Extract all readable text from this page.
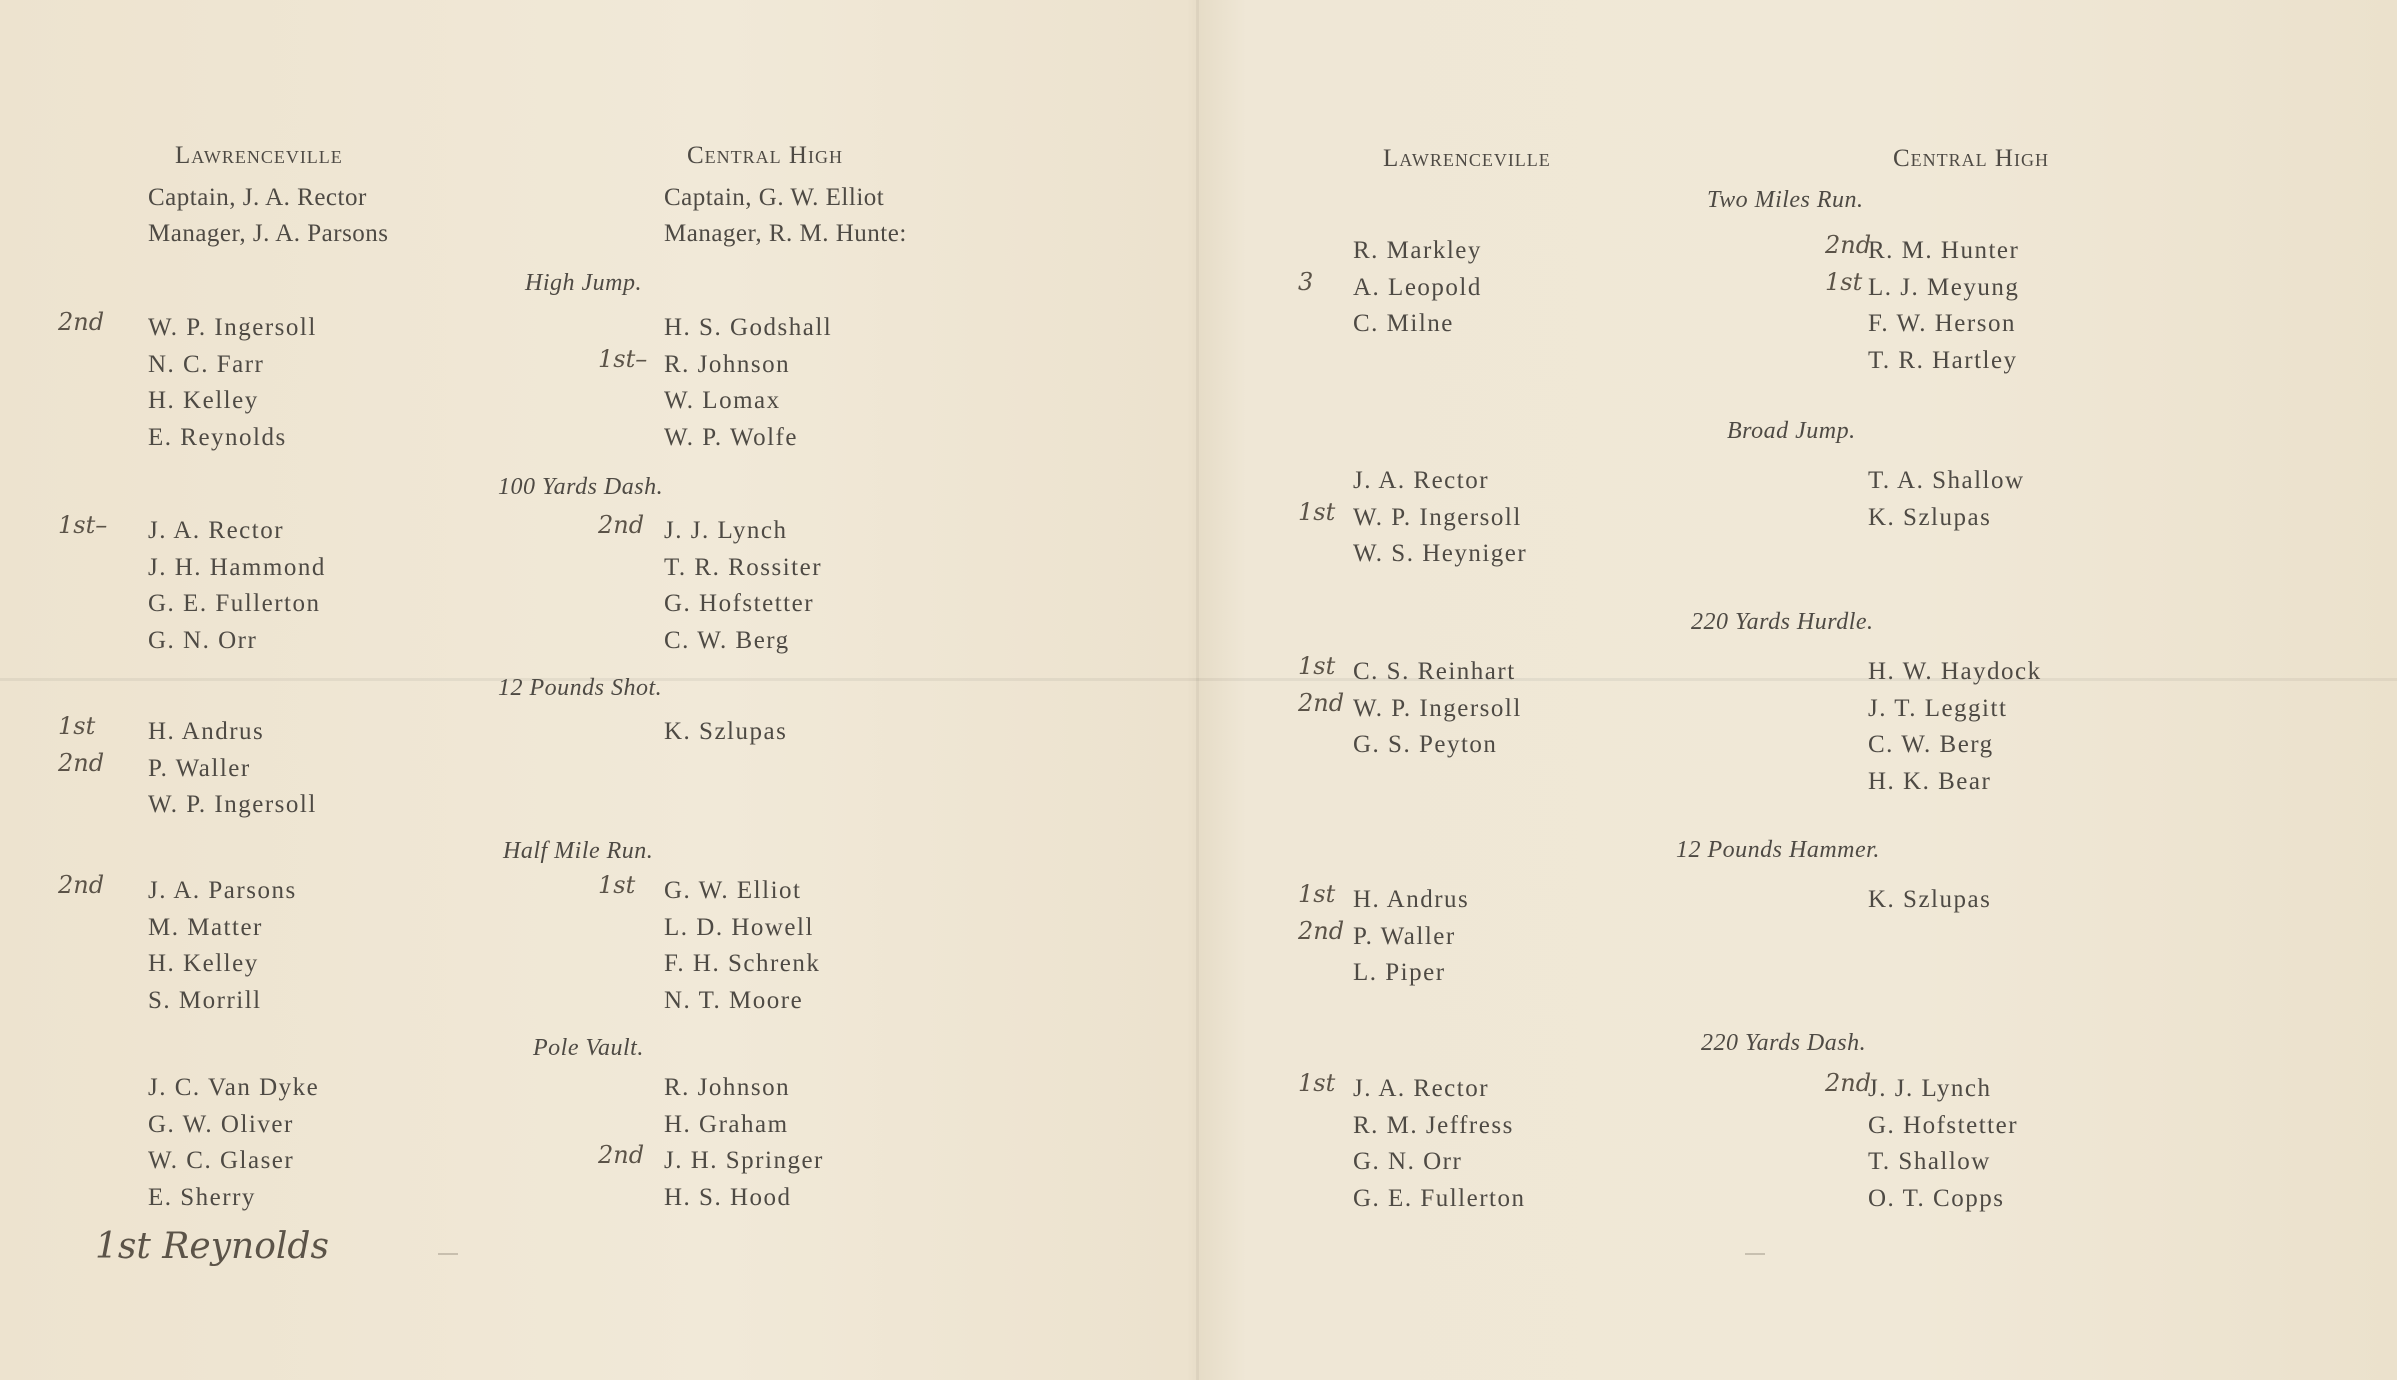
Lawrenceville	Central High
Captain, J. A. Rector
Manager, J. A. Parsons
Captain, G. W. Elliot
Manager, R. M. Hunte:
Lawrenceville	Central High
High Jump.
W. P. Ingersoll
2nd
N. C. Farr
H. Kelley
E. Reynolds
H. S. Godshall
R. Johnson
1st–
W. Lomax
W. P. Wolfe
100 Yards Dash.
J. A. Rector
1st–
J. H. Hammond
G. E. Fullerton
G. N. Orr
J. J. Lynch
2nd
T. R. Rossiter
G. Hofstetter
C. W. Berg
12 Pounds Shot.
H. Andrus
1st
P. Waller
2nd
W. P. Ingersoll
K. Szlupas
Half Mile Run.
J. A. Parsons
2nd
M. Matter
H. Kelley
S. Morrill
G. W. Elliot
1st
L. D. Howell
F. H. Schrenk
N. T. Moore
Pole Vault.
J. C. Van Dyke
G. W. Oliver
W. C. Glaser
E. Sherry
R. Johnson
H. Graham
J. H. Springer
2nd
H. S. Hood
Two Miles Run.
R. Markley
A. Leopold
3
C. Milne
R. M. Hunter
2nd
L. J. Meyung
1st
F. W. Herson
T. R. Hartley
Broad Jump.
J. A. Rector
W. P. Ingersoll
1st
W. S. Heyniger
T. A. Shallow
K. Szlupas
220 Yards Hurdle.
C. S. Reinhart
1st
W. P. Ingersoll
2nd
G. S. Peyton
H. W. Haydock
J. T. Leggitt
C. W. Berg
H. K. Bear
12 Pounds Hammer.
H. Andrus
1st
P. Waller
2nd
L. Piper
K. Szlupas
220 Yards Dash.
J. A. Rector
1st
R. M. Jeffress
G. N. Orr
G. E. Fullerton
J. J. Lynch
2nd
G. Hofstetter
T. Shallow
O. T. Copps
1st Reynolds
